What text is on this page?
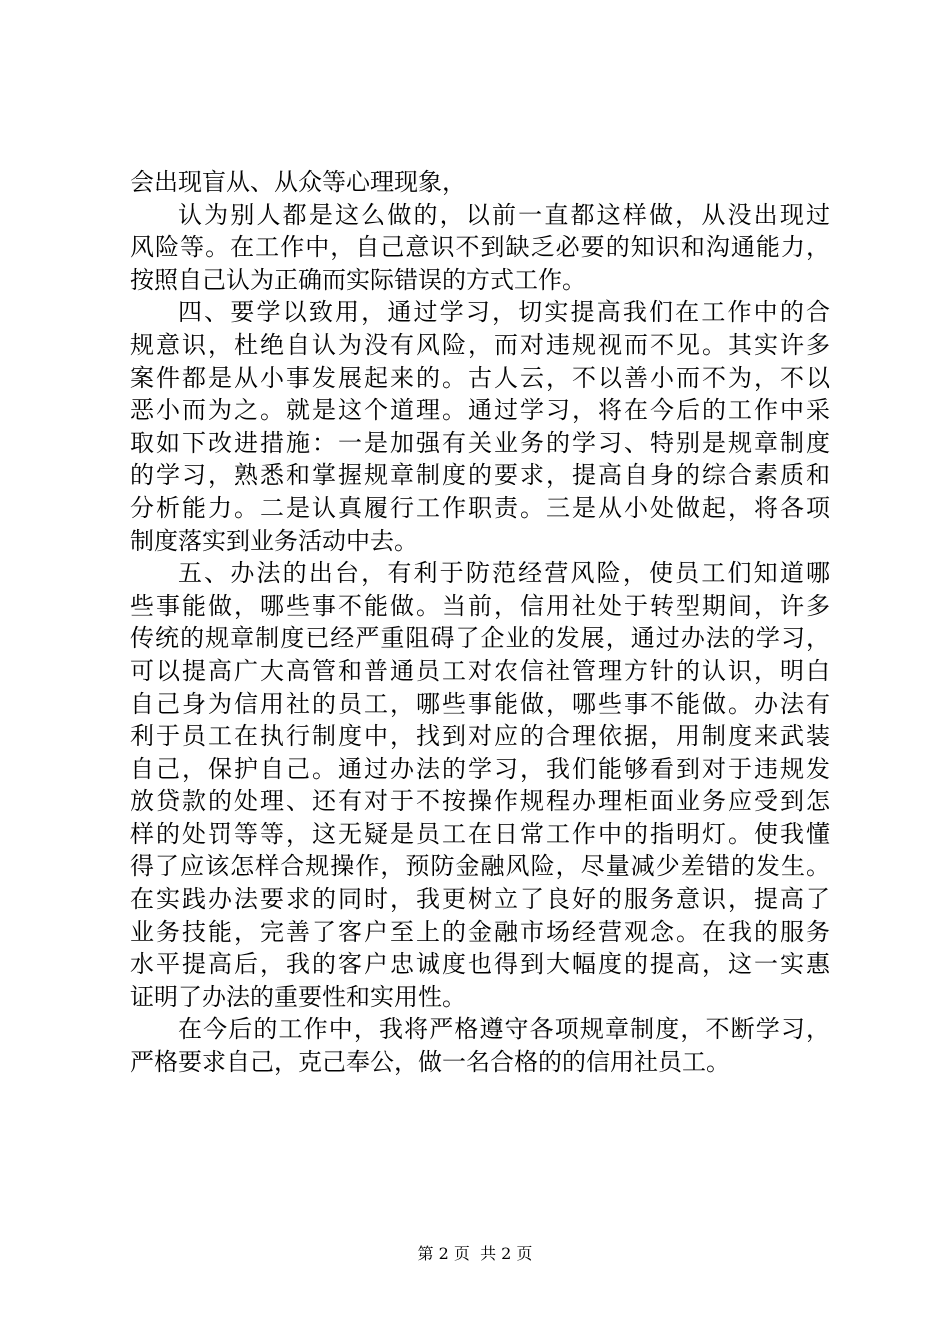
会出现盲从、从众等心理现象，
认为别人都是这么做的，以前一直都这样做，从没出现过
风险等。在工作中，自己意识不到缺乏必要的知识和沟通能力，
按照自己认为正确而实际错误的方式工作。
四、要学以致用，通过学习，切实提高我们在工作中的合
规意识，杜绝自认为没有风险，而对违规视而不见。其实许多
案件都是从小事发展起来的。古人云，不以善小而不为，不以
恶小而为之。就是这个道理。通过学习，将在今后的工作中采
取如下改进措施：一是加强有关业务的学习、特别是规章制度
的学习，熟悉和掌握规章制度的要求，提高自身的综合素质和
分析能力。二是认真履行工作职责。三是从小处做起，将各项
制度落实到业务活动中去。
五、办法的出台，有利于防范经营风险，使员工们知道哪
些事能做，哪些事不能做。当前，信用社处于转型期间，许多
传统的规章制度已经严重阻碍了企业的发展，通过办法的学习，
可以提高广大高管和普通员工对农信社管理方针的认识，明白
自己身为信用社的员工，哪些事能做，哪些事不能做。办法有
利于员工在执行制度中，找到对应的合理依据，用制度来武装
自己，保护自己。通过办法的学习，我们能够看到对于违规发
放贷款的处理、还有对于不按操作规程办理柜面业务应受到怎
样的处罚等等，这无疑是员工在日常工作中的指明灯。使我懂
得了应该怎样合规操作，预防金融风险，尽量减少差错的发生。
在实践办法要求的同时，我更树立了良好的服务意识，提高了
业务技能，完善了客户至上的金融市场经营观念。在我的服务
水平提高后，我的客户忠诚度也得到大幅度的提高，这一实惠
证明了办法的重要性和实用性。
在今后的工作中，我将严格遵守各项规章制度，不断学习，
严格要求自己，克己奉公，做一名合格的的信用社员工。
第 2 页  共 2 页
